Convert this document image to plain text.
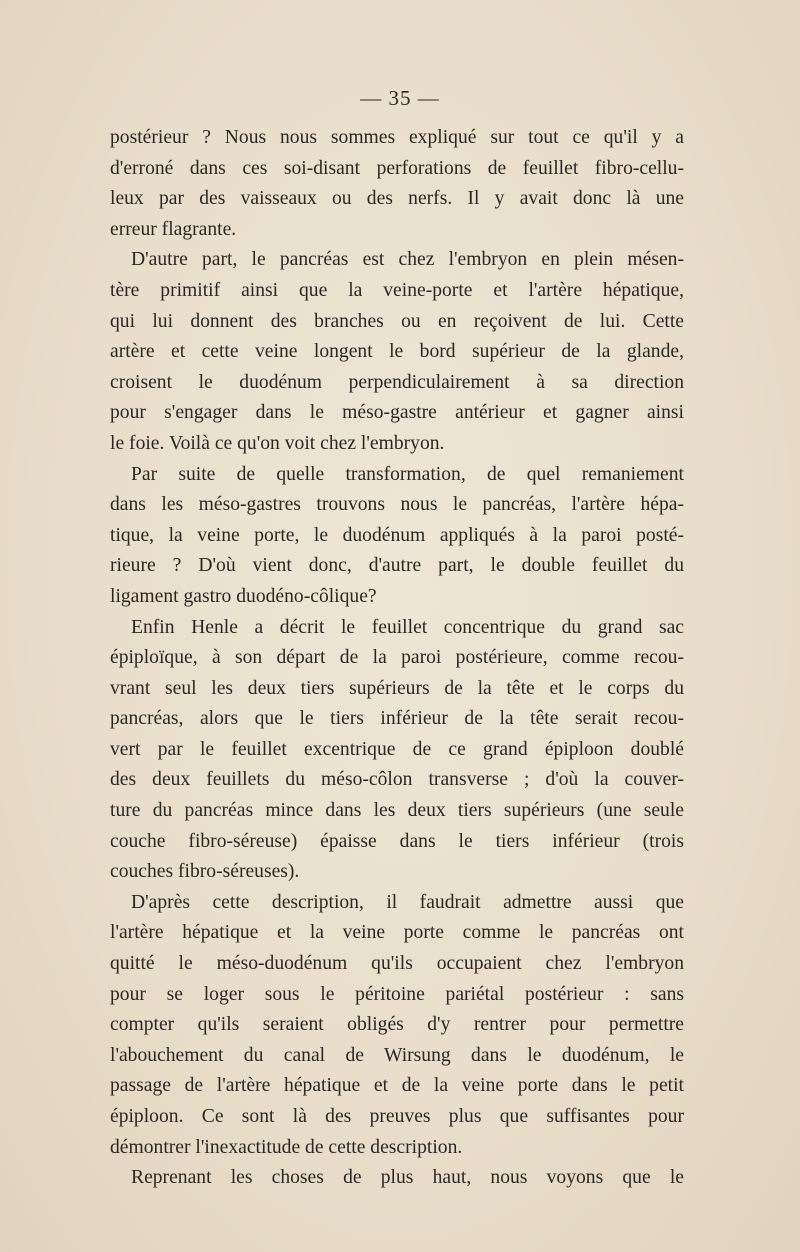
— 35 —
postérieur ? Nous nous sommes expliqué sur tout ce qu'il y a
d'erroné dans ces soi-disant perforations de feuillet fibro-cellu-
leux par des vaisseaux ou des nerfs. Il y avait donc là une
erreur flagrante.
D'autre part, le pancréas est chez l'embryon en plein mésen-
tère primitif ainsi que la veine-porte et l'artère hépatique,
qui lui donnent des branches ou en reçoivent de lui. Cette
artère et cette veine longent le bord supérieur de la glande,
croisent le duodénum perpendiculairement à sa direction
pour s'engager dans le méso-gastre antérieur et gagner ainsi
le foie. Voilà ce qu'on voit chez l'embryon.
Par suite de quelle transformation, de quel remaniement
dans les méso-gastres trouvons nous le pancréas, l'artère hépa-
tique, la veine porte, le duodénum appliqués à la paroi posté-
rieure ? D'où vient donc, d'autre part, le double feuillet du
ligament gastro duodéno-côlique?
Enfin Henle a décrit le feuillet concentrique du grand sac
épiploïque, à son départ de la paroi postérieure, comme recou-
vrant seul les deux tiers supérieurs de la tête et le corps du
pancréas, alors que le tiers inférieur de la tête serait recou-
vert par le feuillet excentrique de ce grand épiploon doublé
des deux feuillets du méso-côlon transverse ; d'où la couver-
ture du pancréas mince dans les deux tiers supérieurs (une seule
couche fibro-séreuse) épaisse dans le tiers inférieur (trois
couches fibro-séreuses).
D'après cette description, il faudrait admettre aussi que
l'artère hépatique et la veine porte comme le pancréas ont
quitté le méso-duodénum qu'ils occupaient chez l'embryon
pour se loger sous le péritoine pariétal postérieur : sans
compter qu'ils seraient obligés d'y rentrer pour permettre
l'abouchement du canal de Wirsung dans le duodénum, le
passage de l'artère hépatique et de la veine porte dans le petit
épiploon. Ce sont là des preuves plus que suffisantes pour
démontrer l'inexactitude de cette description.
Reprenant les choses de plus haut, nous voyons que le
